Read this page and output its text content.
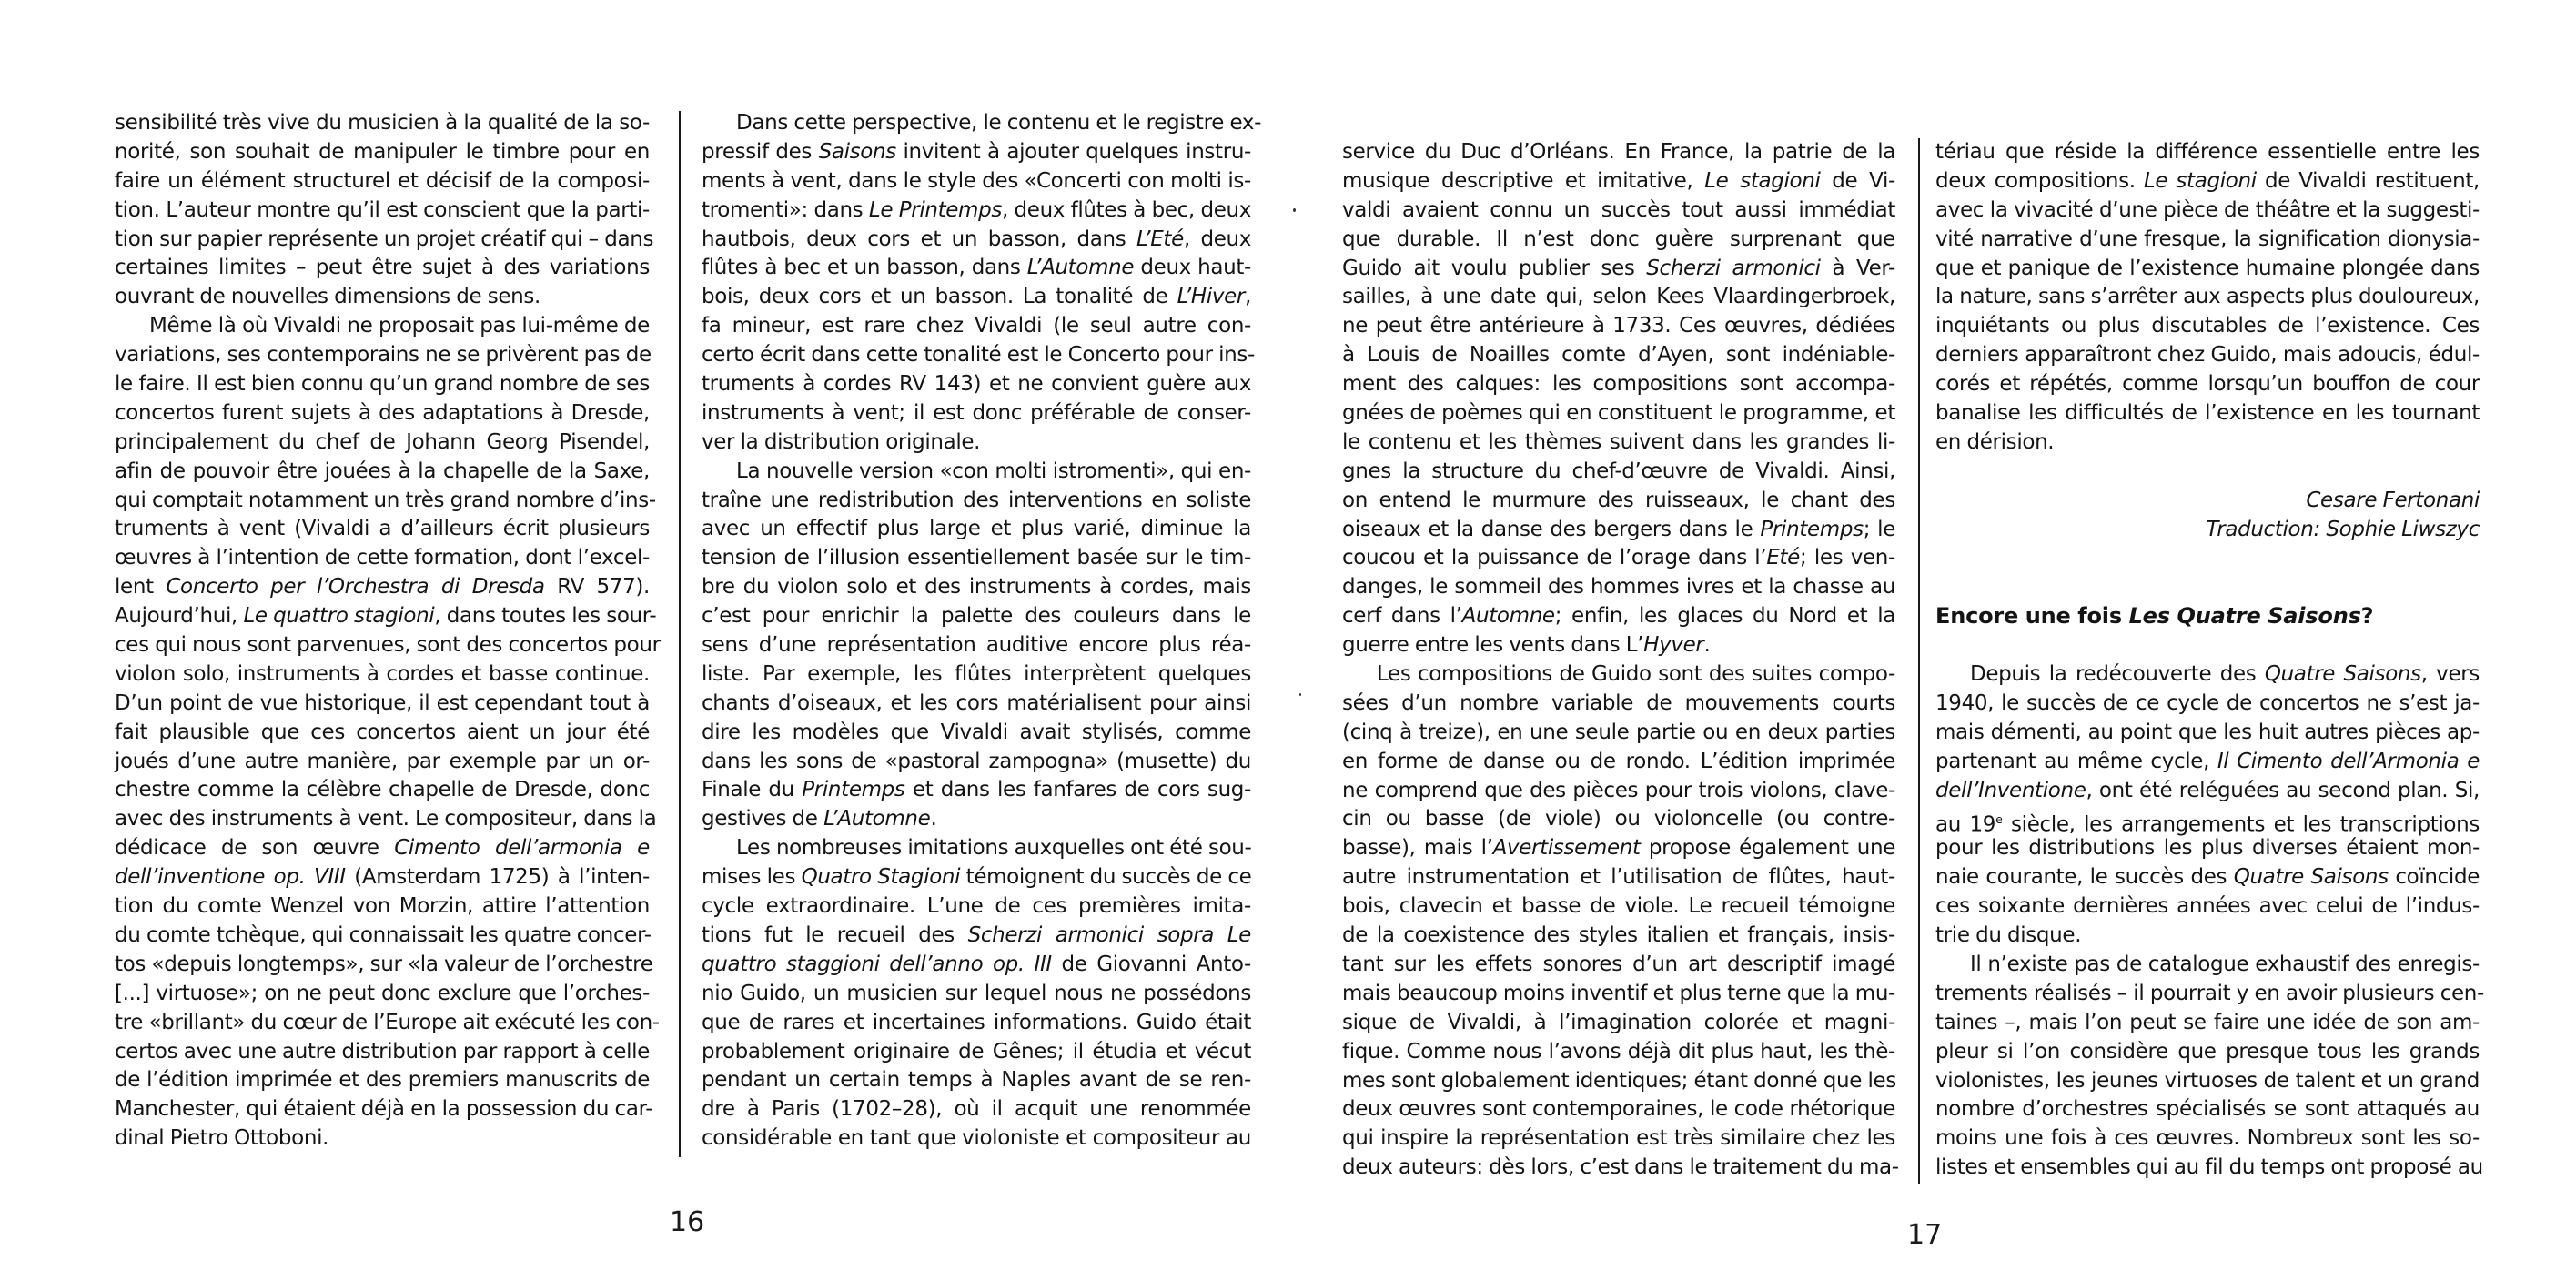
sensibilité très vive du musicien à la qualité de la so-
norité, son souhait de manipuler le timbre pour en
faire un élément structurel et décisif de la composi-
tion. L’auteur montre qu’il est conscient que la parti-
tion sur papier représente un projet créatif qui – dans
certaines limites – peut être sujet à des variations
ouvrant de nouvelles dimensions de sens.
Même là où Vivaldi ne proposait pas lui-même de
variations, ses contemporains ne se privèrent pas de
le faire. Il est bien connu qu’un grand nombre de ses
concertos furent sujets à des adaptations à Dresde,
principalement du chef de Johann Georg Pisendel,
afin de pouvoir être jouées à la chapelle de la Saxe,
qui comptait notamment un très grand nombre d’ins-
truments à vent (Vivaldi a d’ailleurs écrit plusieurs
œuvres à l’intention de cette formation, dont l’excel-
lent Concerto per l’Orchestra di Dresda RV 577).
Aujourd’hui, Le quattro stagioni, dans toutes les sour-
ces qui nous sont parvenues, sont des concertos pour
violon solo, instruments à cordes et basse continue.
D’un point de vue historique, il est cependant tout à
fait plausible que ces concertos aient un jour été
joués d’une autre manière, par exemple par un or-
chestre comme la célèbre chapelle de Dresde, donc
avec des instruments à vent. Le compositeur, dans la
dédicace de son œuvre Cimento dell’armonia e
dell’inventione op. VIII (Amsterdam 1725) à l’inten-
tion du comte Wenzel von Morzin, attire l’attention
du comte tchèque, qui connaissait les quatre concer-
tos «depuis longtemps», sur «la valeur de l’orchestre
[...] virtuose»; on ne peut donc exclure que l’orches-
tre «brillant» du cœur de l’Europe ait exécuté les con-
certos avec une autre distribution par rapport à celle
de l’édition imprimée et des premiers manuscrits de
Manchester, qui étaient déjà en la possession du car-
dinal Pietro Ottoboni.
Dans cette perspective, le contenu et le registre ex-
pressif des Saisons invitent à ajouter quelques instru-
ments à vent, dans le style des «Concerti con molti is-
tromenti»: dans Le Printemps, deux flûtes à bec, deux
hautbois, deux cors et un basson, dans L’Eté, deux
flûtes à bec et un basson, dans L’Automne deux haut-
bois, deux cors et un basson. La tonalité de L’Hiver,
fa mineur, est rare chez Vivaldi (le seul autre con-
certo écrit dans cette tonalité est le Concerto pour ins-
truments à cordes RV 143) et ne convient guère aux
instruments à vent; il est donc préférable de conser-
ver la distribution originale.
La nouvelle version «con molti istromenti», qui en-
traîne une redistribution des interventions en soliste
avec un effectif plus large et plus varié, diminue la
tension de l’illusion essentiellement basée sur le tim-
bre du violon solo et des instruments à cordes, mais
c’est pour enrichir la palette des couleurs dans le
sens d’une représentation auditive encore plus réa-
liste. Par exemple, les flûtes interprètent quelques
chants d’oiseaux, et les cors matérialisent pour ainsi
dire les modèles que Vivaldi avait stylisés, comme
dans les sons de «pastoral zampogna» (musette) du
Finale du Printemps et dans les fanfares de cors sug-
gestives de L’Automne.
Les nombreuses imitations auxquelles ont été sou-
mises les Quatro Stagioni témoignent du succès de ce
cycle extraordinaire. L’une de ces premières imita-
tions fut le recueil des Scherzi armonici sopra Le
quattro staggioni dell’anno op. III de Giovanni Anto-
nio Guido, un musicien sur lequel nous ne possédons
que de rares et incertaines informations. Guido était
probablement originaire de Gênes; il étudia et vécut
pendant un certain temps à Naples avant de se ren-
dre à Paris (1702–28), où il acquit une renommée
considérable en tant que violoniste et compositeur au
16
service du Duc d’Orléans. En France, la patrie de la
musique descriptive et imitative, Le stagioni de Vi-
valdi avaient connu un succès tout aussi immédiat
que durable. Il n’est donc guère surprenant que
Guido ait voulu publier ses Scherzi armonici à Ver-
sailles, à une date qui, selon Kees Vlaardingerbroek,
ne peut être antérieure à 1733. Ces œuvres, dédiées
à Louis de Noailles comte d’Ayen, sont indéniable-
ment des calques: les compositions sont accompa-
gnées de poèmes qui en constituent le programme, et
le contenu et les thèmes suivent dans les grandes li-
gnes la structure du chef-d’œuvre de Vivaldi. Ainsi,
on entend le murmure des ruisseaux, le chant des
oiseaux et la danse des bergers dans le Printemps; le
coucou et la puissance de l’orage dans l’Eté; les ven-
danges, le sommeil des hommes ivres et la chasse au
cerf dans l’Automne; enfin, les glaces du Nord et la
guerre entre les vents dans L’Hyver.
Les compositions de Guido sont des suites compo-
sées d’un nombre variable de mouvements courts
(cinq à treize), en une seule partie ou en deux parties
en forme de danse ou de rondo. L’édition imprimée
ne comprend que des pièces pour trois violons, clave-
cin ou basse (de viole) ou violoncelle (ou contre-
basse), mais l’Avertissement propose également une
autre instrumentation et l’utilisation de flûtes, haut-
bois, clavecin et basse de viole. Le recueil témoigne
de la coexistence des styles italien et français, insis-
tant sur les effets sonores d’un art descriptif imagé
mais beaucoup moins inventif et plus terne que la mu-
sique de Vivaldi, à l’imagination colorée et magni-
fique. Comme nous l’avons déjà dit plus haut, les thè-
mes sont globalement identiques; étant donné que les
deux œuvres sont contemporaines, le code rhétorique
qui inspire la représentation est très similaire chez les
deux auteurs: dès lors, c’est dans le traitement du ma-
tériau que réside la différence essentielle entre les
deux compositions. Le stagioni de Vivaldi restituent,
avec la vivacité d’une pièce de théâtre et la suggesti-
vité narrative d’une fresque, la signification dionysia-
que et panique de l’existence humaine plongée dans
la nature, sans s’arrêter aux aspects plus douloureux,
inquiétants ou plus discutables de l’existence. Ces
derniers apparaîtront chez Guido, mais adoucis, édul-
corés et répétés, comme lorsqu’un bouffon de cour
banalise les difficultés de l’existence en les tournant
en dérision.

Cesare Fertonani
Traduction: Sophie Liwszyc

Encore une fois Les Quatre Saisons?

Depuis la redécouverte des Quatre Saisons, vers
1940, le succès de ce cycle de concertos ne s’est ja-
mais démenti, au point que les huit autres pièces ap-
partenant au même cycle, Il Cimento dell’Armonia e
dell’Inventione, ont été reléguées au second plan. Si,
au 19e siècle, les arrangements et les transcriptions
pour les distributions les plus diverses étaient mon-
naie courante, le succès des Quatre Saisons coïncide
ces soixante dernières années avec celui de l’indus-
trie du disque.
Il n’existe pas de catalogue exhaustif des enregis-
trements réalisés – il pourrait y en avoir plusieurs cen-
taines –, mais l’on peut se faire une idée de son am-
pleur si l’on considère que presque tous les grands
violonistes, les jeunes virtuoses de talent et un grand
nombre d’orchestres spécialisés se sont attaqués au
moins une fois à ces œuvres. Nombreux sont les so-
listes et ensembles qui au fil du temps ont proposé au
17
